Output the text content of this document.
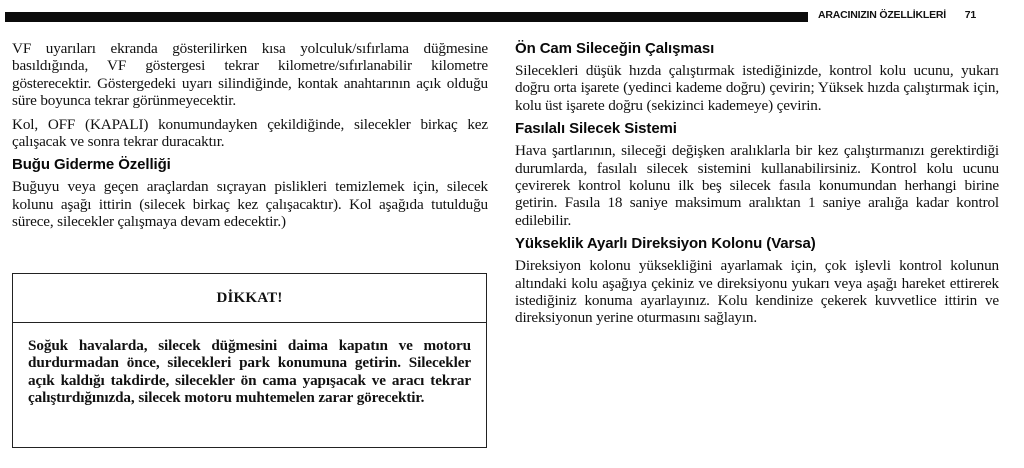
ARACINIZIN ÖZELLİKLERİ 71

VF uyarıları ekranda gösterilirken kısa yolculuk/sıfırlama düğmesine basıldığında, VF göstergesi tekrar kilometre/sıfırlanabilir kilometre gösterecektir. Göstergedeki uyarı silindiğinde, kontak anahtarının açık olduğu süre boyunca tekrar görünmeyecektir.

Kol, OFF (KAPALI) konumundayken çekildiğinde, silecekler birkaç kez çalışacak ve sonra tekrar duracaktır.

Buğu Giderme Özelliği

Buğuyu veya geçen araçlardan sıçrayan pislikleri temizlemek için, silecek kolunu aşağı ittirin (silecek birkaç kez çalışacaktır). Kol aşağıda tutulduğu sürece, silecekler çalışmaya devam edecektir.)

DİKKAT!
Soğuk havalarda, silecek düğmesini daima kapatın ve motoru durdurmadan önce, silecekleri park konumuna getirin. Silecekler açık kaldığı takdirde, silecekler ön cama yapışacak ve aracı tekrar çalıştırdığınızda, silecek motoru muhtemelen zarar görecektir.
Ön Cam Sileceğin Çalışması

Silecekleri düşük hızda çalıştırmak istediğinizde, kontrol kolu ucunu, yukarı doğru orta işarete (yedinci kademe doğru) çevirin; Yüksek hızda çalıştırmak için, kolu üst işarete doğru (sekizinci kademeye) çevirin.

Fasılalı Silecek Sistemi

Hava şartlarının, sileceği değişken aralıklarla bir kez çalıştırmanızı gerektirdiği durumlarda, fasılalı silecek sistemini kullanabilirsiniz. Kontrol kolu ucunu çevirerek kontrol kolunu ilk beş silecek fasıla konumundan herhangi birine getirin. Fasıla 18 saniye maksimum aralıktan 1 saniye aralığa kadar kontrol edilebilir.

Yükseklik Ayarlı Direksiyon Kolonu (Varsa)

Direksiyon kolonu yüksekliğini ayarlamak için, çok işlevli kontrol kolunun altındaki kolu aşağıya çekiniz ve direksiyonu yukarı veya aşağı hareket ettirerek istediğiniz konuma ayarlayınız. Kolu kendinize çekerek kuvvetlice ittirin ve direksiyonun yerine oturmasını sağlayın.
